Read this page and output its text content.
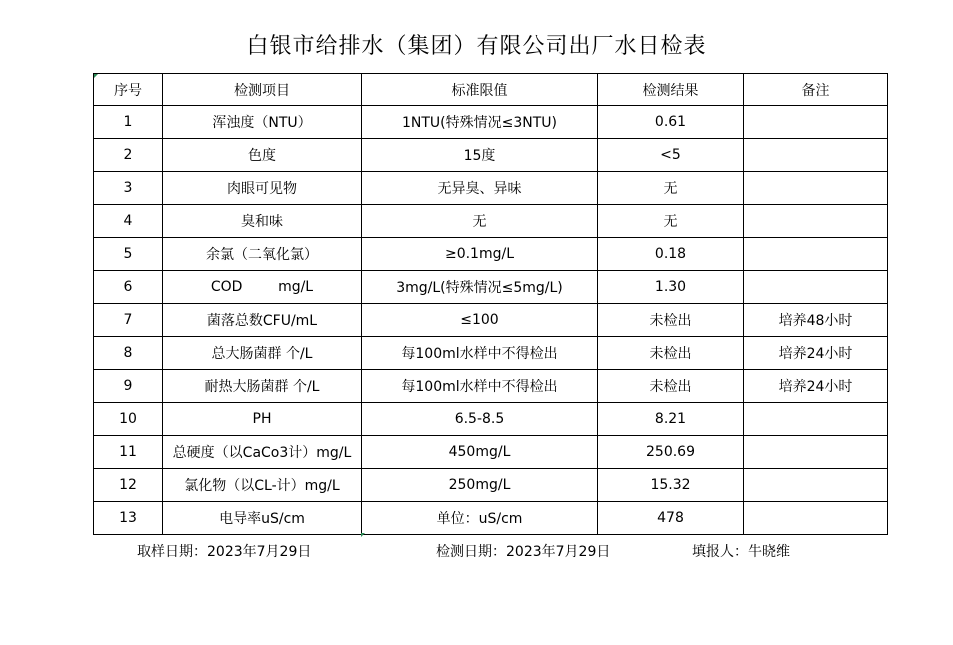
白银市给排水（集团）有限公司出厂水日检表
序号	检测项目	标准限值	检测结果	备注
1	浑浊度（NTU）	1NTU(特殊情况≤3NTU)	0.61	
2	色度	15度	<5	
3	肉眼可见物	无异臭、异味	无	
4	臭和味	无	无	
5	余氯（二氧化氯）	≥0.1mg/L	0.18	
6	COD        mg/L	3mg/L(特殊情况≤5mg/L)	1.30	
7	菌落总数CFU/mL	≤100	未检出	培养48小时
8	总大肠菌群 个/L	每100ml水样中不得检出	未检出	培养24小时
9	耐热大肠菌群 个/L	每100ml水样中不得检出	未检出	培养24小时
10	PH	6.5-8.5	8.21	
11	总硬度（以CaCo3计）mg/L	450mg/L	250.69	
12	氯化物（以CL-计）mg/L	250mg/L	15.32	
13	电导率uS/cm	单位：uS/cm	478	
取样日期：2023年7月29日	检测日期：2023年7月29日	填报人：牛晓维
